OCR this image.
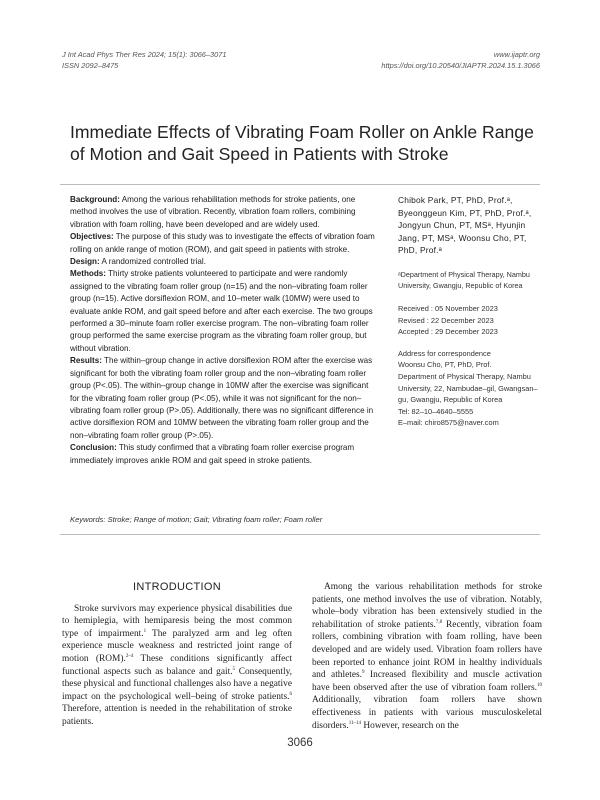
J Int Acad Phys Ther Res 2024; 15(1): 3066–3071
ISSN 2092–8475
www.ijaptr.org
https://doi.org/10.20540/JIAPTR.2024.15.1.3066
Immediate Effects of Vibrating Foam Roller on Ankle Range of Motion and Gait Speed in Patients with Stroke

Background: Among the various rehabilitation methods for stroke patients, one method involves the use of vibration. Recently, vibration foam rollers, combining vibration with foam rolling, have been developed and are widely used.

Objectives: The purpose of this study was to investigate the effects of vibration foam rolling on ankle range of motion (ROM), and gait speed in patients with stroke.

Design: A randomized controlled trial.

Methods: Thirty stroke patients volunteered to participate and were randomly assigned to the vibrating foam roller group (n=15) and the non–vibrating foam roller group (n=15). Active dorsiflexion ROM, and 10–meter walk (10MW) were used to evaluate ankle ROM, and gait speed before and after each exercise. The two groups performed a 30–minute foam roller exercise program. The non–vibrating foam roller group performed the same exercise program as the vibrating foam roller group, but without vibration.

Results: The within–group change in active dorsiflexion ROM after the exercise was significant for both the vibrating foam roller group and the non–vibrating foam roller group (P<.05). The within–group change in 10MW after the exercise was significant for the vibrating foam roller group (P<.05), while it was not significant for the non–vibrating foam roller group (P>.05). Additionally, there was no significant difference in active dorsiflexion ROM and 10MW between the vibrating foam roller group and the non–vibrating foam roller group (P>.05).

Conclusion: This study confirmed that a vibrating foam roller exercise program immediately improves ankle ROM and gait speed in stroke patients.

Chibok Park, PT, PhD, Prof.ᵃ, Byeonggeun Kim, PT, PhD, Prof.ᵃ, Jongyun Chun, PT, MSᵃ, Hyunjin Jang, PT, MSᵃ, Woonsu Cho, PT, PhD, Prof.ᵃ

ᵃDepartment of Physical Therapy, Nambu University, Gwangju, Republic of Korea

Received : 05 November 2023
Revised : 22 December 2023
Accepted : 29 December 2023
Address for correspondence
Woonsu Cho, PT, PhD, Prof.
Department of Physical Therapy, Nambu University, 22, Nambudae–gil, Gwangsan–gu, Gwangju, Republic of Korea
Tel: 82–10–4640–5555
E–mail: chiro8575@naver.com
Keywords: Stroke; Range of motion; Gait; Vibrating foam roller; Foam roller
INTRODUCTION

Stroke survivors may experience physical disabilities due to hemiplegia, with hemiparesis being the most common type of impairment.$^1$ The paralyzed arm and leg often experience muscle weakness and restricted joint range of motion (ROM).$^{2-4}$ These conditions significantly affect functional aspects such as balance and gait.$^5$ Consequently, these physical and functional challenges also have a negative impact on the psychological well–being of stroke patients.$^6$ Therefore, attention is needed in the rehabilitation of stroke patients.

Among the various rehabilitation methods for stroke patients, one method involves the use of vibration. Notably, whole–body vibration has been extensively studied in the rehabilitation of stroke patients.$^{7,8}$ Recently, vibration foam rollers, combining vibration with foam rolling, have been developed and are widely used. Vibration foam rollers have been reported to enhance joint ROM in healthy individuals and athletes.$^9$ Increased flexibility and muscle activation have been observed after the use of vibration foam rollers.$^{10}$ Additionally, vibration foam rollers have shown effectiveness in patients with various musculoskeletal disorders.$^{11-14}$ However, research on the

3066
